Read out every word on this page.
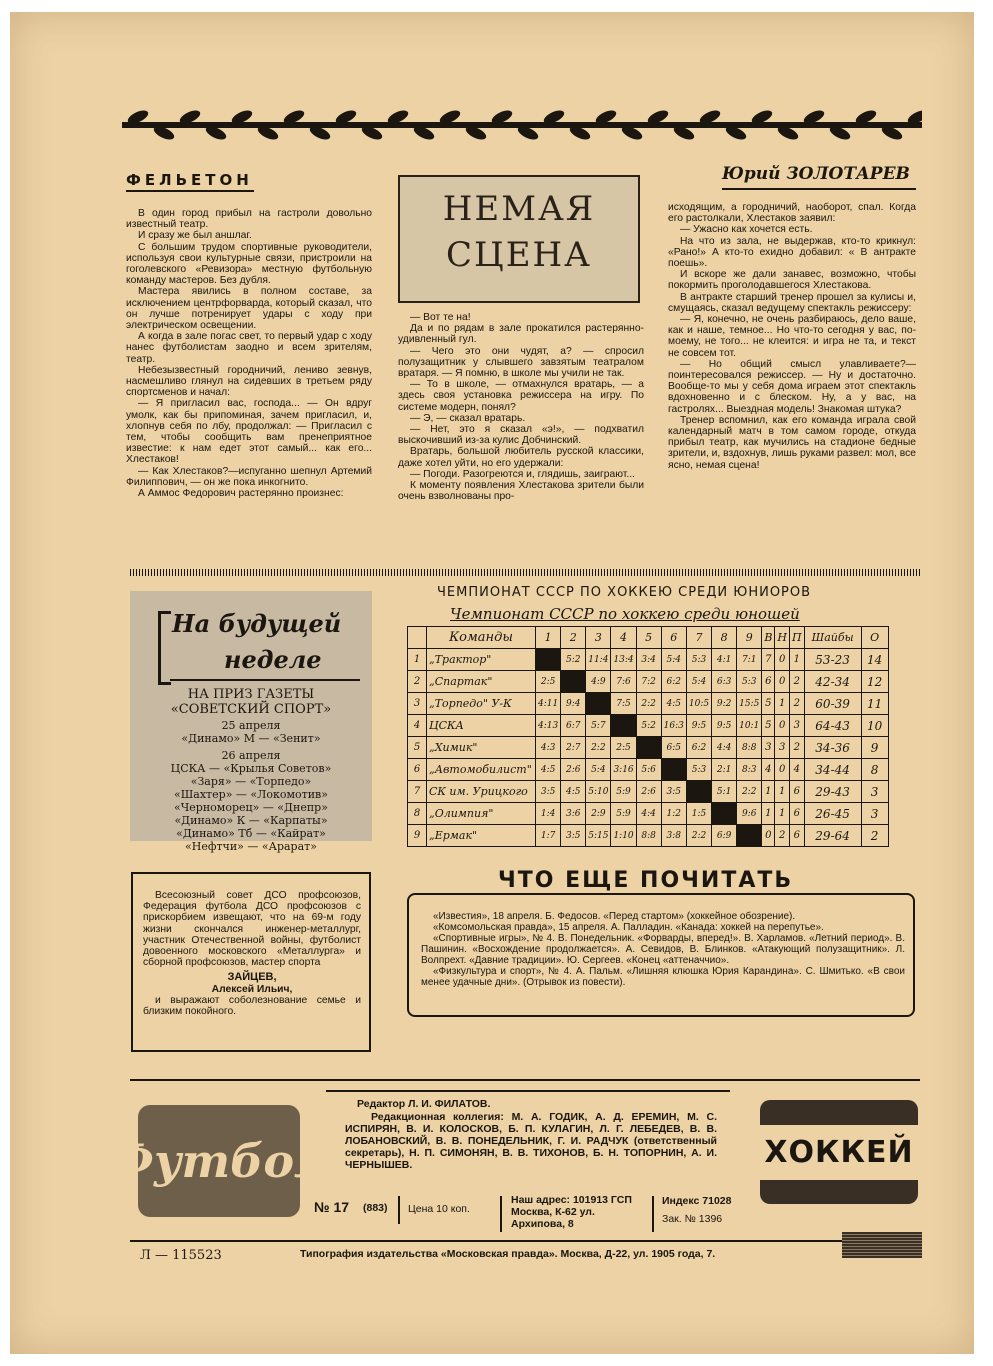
ФЕЛЬЕТОН	Юрий ЗОЛОТАРЕВ
НЕМАЯ
СЦЕНА

В один город прибыл на гастроли довольно известный театр.

И сразу же был аншлаг.

С большим трудом спортивные руководители, используя свои культурные связи, пристроили на гоголевского «Ревизора» местную футбольную команду мастеров. Без дубля.

Мастера явились в полном составе, за исключением центрфорварда, который сказал, что он лучше потренирует удары с ходу при электрическом освещении.

А когда в зале погас свет, то первый удар с ходу нанес футболистам заодно и всем зрителям, театр.

Небезызвестный городничий, лениво зевнув, насмешливо глянул на сидевших в третьем ряду спортсменов и начал:

— Я пригласил вас, господа... — Он вдруг умолк, как бы припоминая, зачем пригласил, и, хлопнув себя по лбу, продолжал: — Пригласил с тем, чтобы сообщить вам пренеприятное известие: к нам едет этот самый... как его... Хлестаков!

— Как Хлестаков?—испуганно шепнул Артемий Филиппович, — он же пока инкогнито.

А Аммос Федорович растерянно произнес:

— Вот те на!

Да и по рядам в зале прокатился растерянно-удивленный гул.

— Чего это они чудят, а? — спросил полузащитник у слывшего завзятым театралом вратаря. — Я помню, в школе мы учили не так.

— То в школе, — отмахнулся вратарь, — а здесь своя установка режиссера на игру. По системе модерн, понял?

— Э, — сказал вратарь.

— Нет, это я сказал «э!», — подхватил выскочивший из-за кулис Добчинский.

Вратарь, большой любитель русской классики, даже хотел уйти, но его удержали:

— Погоди. Разогреются и, глядишь, заиграют...

К моменту появления Хлестакова зрители были очень взволнованы про-

исходящим, а городничий, наоборот, спал. Когда его растолкали, Хлестаков заявил:

— Ужасно как хочется есть.

На что из зала, не выдержав, кто-то крикнул: «Рано!» А кто-то ехидно добавил: « В антракте поешь».

И вскоре же дали занавес, возможно, чтобы покормить проголодавшегося Хлестакова.

В антракте старший тренер прошел за кулисы и, смущаясь, сказал ведущему спектакль режиссеру:

— Я, конечно, не очень разбираюсь, дело ваше, как и наше, темное... Но что-то сегодня у вас, по-моему, не того... не клеится: и игра не та, и текст не совсем тот.

— Но общий смысл улавливаете?— поинтересовался режиссер. — Ну и достаточно. Вообще-то мы у себя дома играем этот спектакль вдохновенно и с блеском. Ну, а у вас, на гастролях... Выездная модель! Знакомая штука?

Тренер вспомнил, как его команда играла свой календарный матч в том самом городе, откуда прибыл театр, как мучились на стадионе бедные зрители, и, вздохнув, лишь руками развел: мол, все ясно, немая сцена!

На будущей
неделе
НА ПРИЗ ГАЗЕТЫ
«СОВЕТСКИЙ СПОРТ»
25 апреля
«Динамо» М — «Зенит»
26 апреля
ЦСКА — «Крылья Советов»
«Заря» — «Торпедо»
«Шахтер» — «Локомотив»
«Черноморец» — «Днепр»
«Динамо» К — «Карпаты»
«Динамо» Тб — «Кайрат»
«Нефтчи» — «Арарат»
ЧЕМПИОНАТ СССР ПО ХОККЕЮ СРЕДИ ЮНИОРОВ
Чемпионат СССР по хоккею среди юношей
	Команды	1	2	3	4	5	6	7	8	9	В	Н	П	Шайбы	О
1	„Трактор"		5:2	11:4	13:4	3:4	5:4	5:3	4:1	7:1	7	0	1	53-23	14
2	„Спартак"	2:5		4:9	7:6	7:2	6:2	5:4	6:3	5:3	6	0	2	42-34	12
3	„Торпедо" У-К	4:11	9:4		7:5	2:2	4:5	10:5	9:2	15:5	5	1	2	60-39	11
4	ЦСКА	4:13	6:7	5:7		5:2	16:3	9:5	9:5	10:1	5	0	3	64-43	10
5	„Химик"	4:3	2:7	2:2	2:5		6:5	6:2	4:4	8:8	3	3	2	34-36	9
6	„Автомобилист"	4:5	2:6	5:4	3:16	5:6		5:3	2:1	8:3	4	0	4	34-44	8
7	СК им. Урицкого	3:5	4:5	5:10	5:9	2:6	3:5		5:1	2:2	1	1	6	29-43	3
8	„Олимпия"	1:4	3:6	2:9	5:9	4:4	1:2	1:5		9:6	1	1	6	26-45	3
9	„Ермак"	1:7	3:5	5:15	1:10	8:8	3:8	2:2	6:9		0	2	6	29-64	2
Всесоюзный совет ДСО профсоюзов, Федерация футбола ДСО профсоюзов с прискорбием извещают, что на 69-м году жизни скончался инженер-металлург, участник Отечественной войны, футболист довоенного московского «Металлурга» и сборной профсоюзов, мастер спорта
ЗАЙЦЕВ,
Алексей Ильич,
и выражают соболезнование семье и близким покойного.

«Известия», 18 апреля. Б. Федосов. «Перед стартом» (хоккейное обозрение).

«Комсомольская правда», 15 апреля. А. Палладин. «Канада: хоккей на перепутье».

«Спортивные игры», № 4. В. Понедельник. «Форварды, вперед!». В. Харламов. «Летний период». В. Пашинин. «Восхождение продолжается». А. Севидов, В. Блинков. «Атакующий полузащитник». Л. Волпрехт. «Давние традиции». Ю. Сергеев. «Конец «аттеначчио».

«Физкультура и спорт», № 4. А. Пальм. «Лишняя клюшка Юрия Карандина». С. Шмитько. «В свои менее удачные дни». (Отрывок из повести).

ЧТО ЕЩЕ ПОЧИТАТЬ
Футбол
Редактор Л. И. ФИЛАТОВ.
Редакционная коллегия: М. А. ГОДИК, А. Д. ЕРЕМИН, М. С. ИСПИРЯН, В. И. КОЛОСКОВ, Б. П. КУЛАГИН, Л. Г. ЛЕБЕДЕВ, В. В. ЛОБАНОВСКИЙ, В. В. ПОНЕДЕЛЬНИК, Г. И. РАДЧУК (ответственный секретарь), Н. П. СИМОНЯН, В. В. ТИХОНОВ, Б. Н. ТОПОРНИН, А. И. ЧЕРНЫШЕВ.
№ 17 (883) Цена 10 коп.
Наш адрес: 101913 ГСП Москва, К-62 ул. Архипова, 8
Индекс 71028
Зак. № 1396
ХОККЕЙ
Л — 115523	Типография издательства «Московская правда». Москва, Д-22, ул. 1905 года, 7.
